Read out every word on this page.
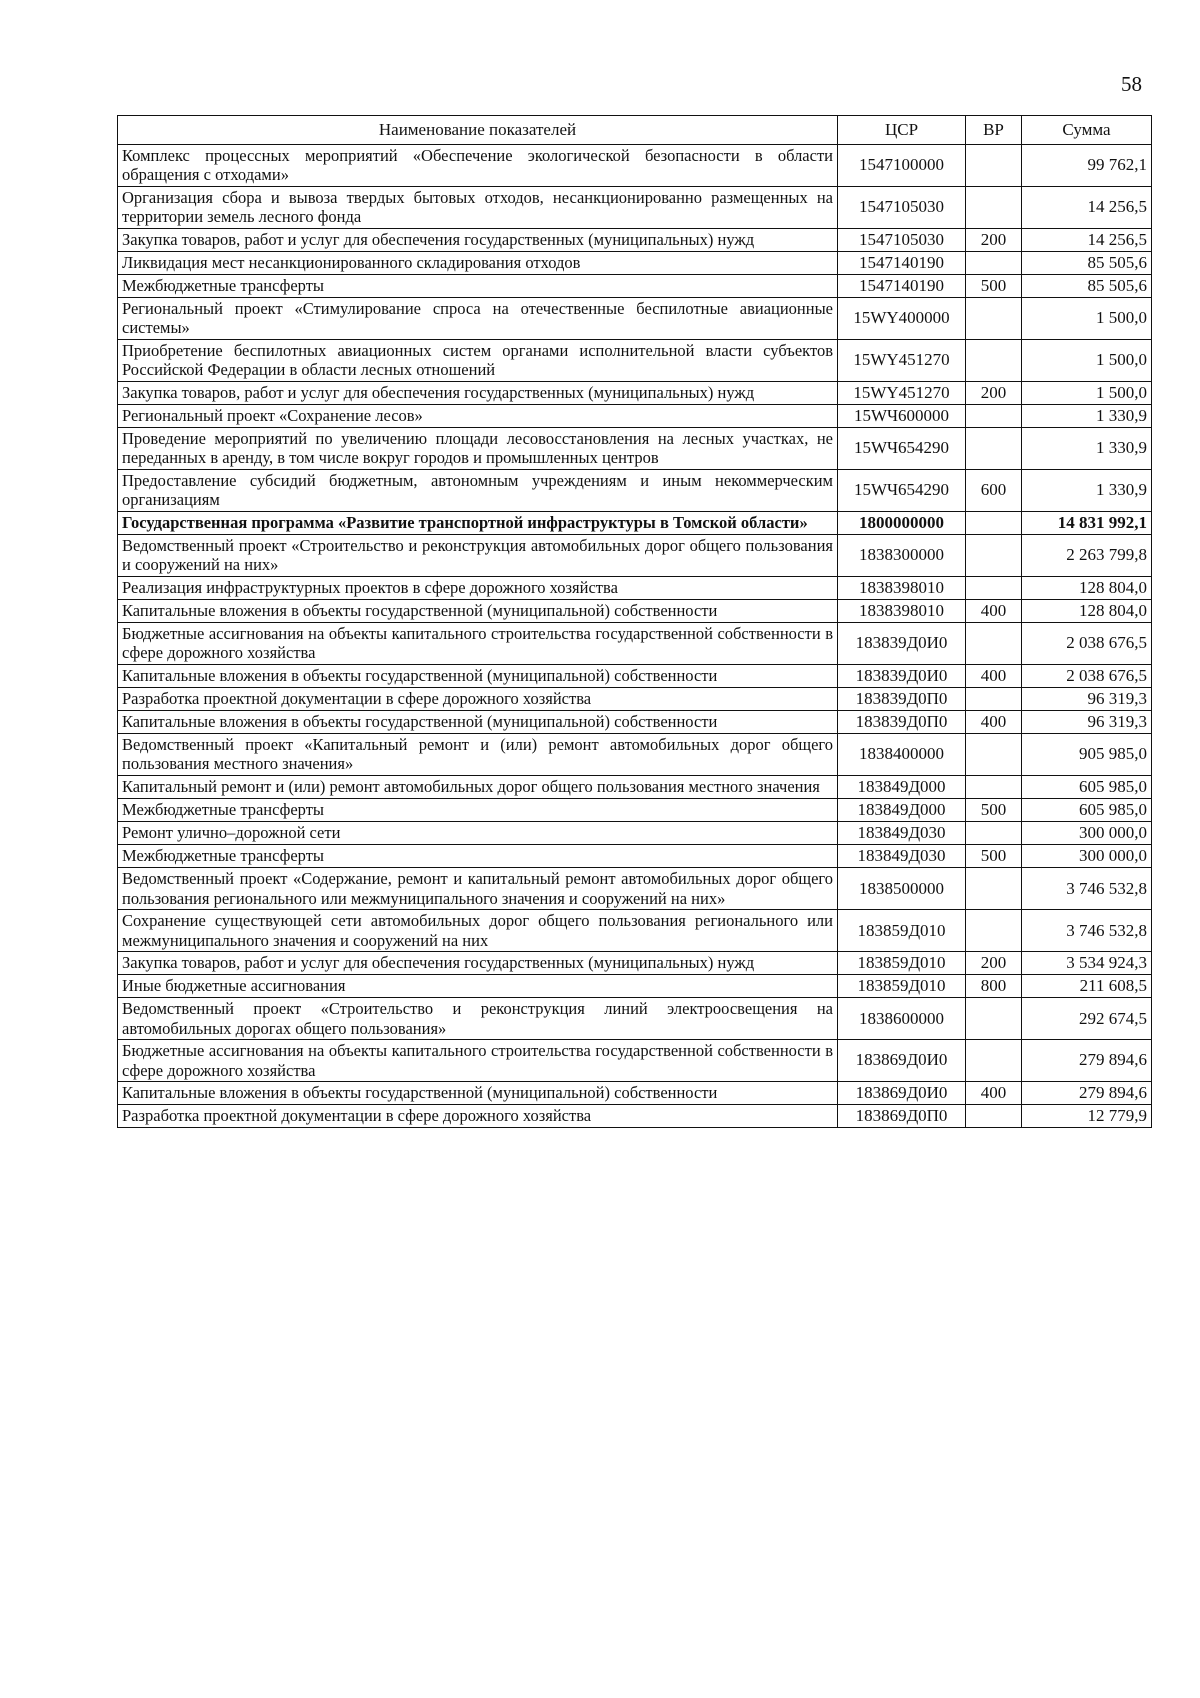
58
Наименование показателей	ЦСР	ВР	Сумма
Комплекс процессных мероприятий «Обеспечение экологической безопасности в области обращения с отходами»	1547100000		99 762,1
Организация сбора и вывоза твердых бытовых отходов, несанкционированно размещенных на территории земель лесного фонда	1547105030		14 256,5
Закупка товаров, работ и услуг для обеспечения государственных (муниципальных) нужд	1547105030	200	14 256,5
Ликвидация мест несанкционированного складирования отходов	1547140190		85 505,6
Межбюджетные трансферты	1547140190	500	85 505,6
Региональный проект «Стимулирование спроса на отечественные беспилотные авиационные системы»	15WY400000		1 500,0
Приобретение беспилотных авиационных систем органами исполнительной власти субъектов Российской Федерации в области лесных отношений	15WY451270		1 500,0
Закупка товаров, работ и услуг для обеспечения государственных (муниципальных) нужд	15WY451270	200	1 500,0
Региональный проект «Сохранение лесов»	15WЧ600000		1 330,9
Проведение мероприятий по увеличению площади лесовосстановления на лесных участках, не переданных в аренду, в том числе вокруг городов и промышленных центров	15WЧ654290		1 330,9
Предоставление субсидий бюджетным, автономным учреждениям и иным некоммерческим организациям	15WЧ654290	600	1 330,9
Государственная программа «Развитие транспортной инфраструктуры в Томской области»	1800000000		14 831 992,1
Ведомственный проект «Строительство и реконструкция автомобильных дорог общего пользования и сооружений на них»	1838300000		2 263 799,8
Реализация инфраструктурных проектов в сфере дорожного хозяйства	1838398010		128 804,0
Капитальные вложения в объекты государственной (муниципальной) собственности	1838398010	400	128 804,0
Бюджетные ассигнования на объекты капитального строительства государственной собственности в сфере дорожного хозяйства	183839Д0И0		2 038 676,5
Капитальные вложения в объекты государственной (муниципальной) собственности	183839Д0И0	400	2 038 676,5
Разработка проектной документации в сфере дорожного хозяйства	183839Д0П0		96 319,3
Капитальные вложения в объекты государственной (муниципальной) собственности	183839Д0П0	400	96 319,3
Ведомственный проект «Капитальный ремонт и (или) ремонт автомобильных дорог общего пользования местного значения»	1838400000		905 985,0
Капитальный ремонт и (или) ремонт автомобильных дорог общего пользования местного значения	183849Д000		605 985,0
Межбюджетные трансферты	183849Д000	500	605 985,0
Ремонт улично–дорожной сети	183849Д030		300 000,0
Межбюджетные трансферты	183849Д030	500	300 000,0
Ведомственный проект «Содержание, ремонт и капитальный ремонт автомобильных дорог общего пользования регионального или межмуниципального значения и сооружений на них»	1838500000		3 746 532,8
Сохранение существующей сети автомобильных дорог общего пользования регионального или межмуниципального значения и сооружений на них	183859Д010		3 746 532,8
Закупка товаров, работ и услуг для обеспечения государственных (муниципальных) нужд	183859Д010	200	3 534 924,3
Иные бюджетные ассигнования	183859Д010	800	211 608,5
Ведомственный проект «Строительство и реконструкция линий электроосвещения на автомобильных дорогах общего пользования»	1838600000		292 674,5
Бюджетные ассигнования на объекты капитального строительства государственной собственности в сфере дорожного хозяйства	183869Д0И0		279 894,6
Капитальные вложения в объекты государственной (муниципальной) собственности	183869Д0И0	400	279 894,6
Разработка проектной документации в сфере дорожного хозяйства	183869Д0П0		12 779,9
